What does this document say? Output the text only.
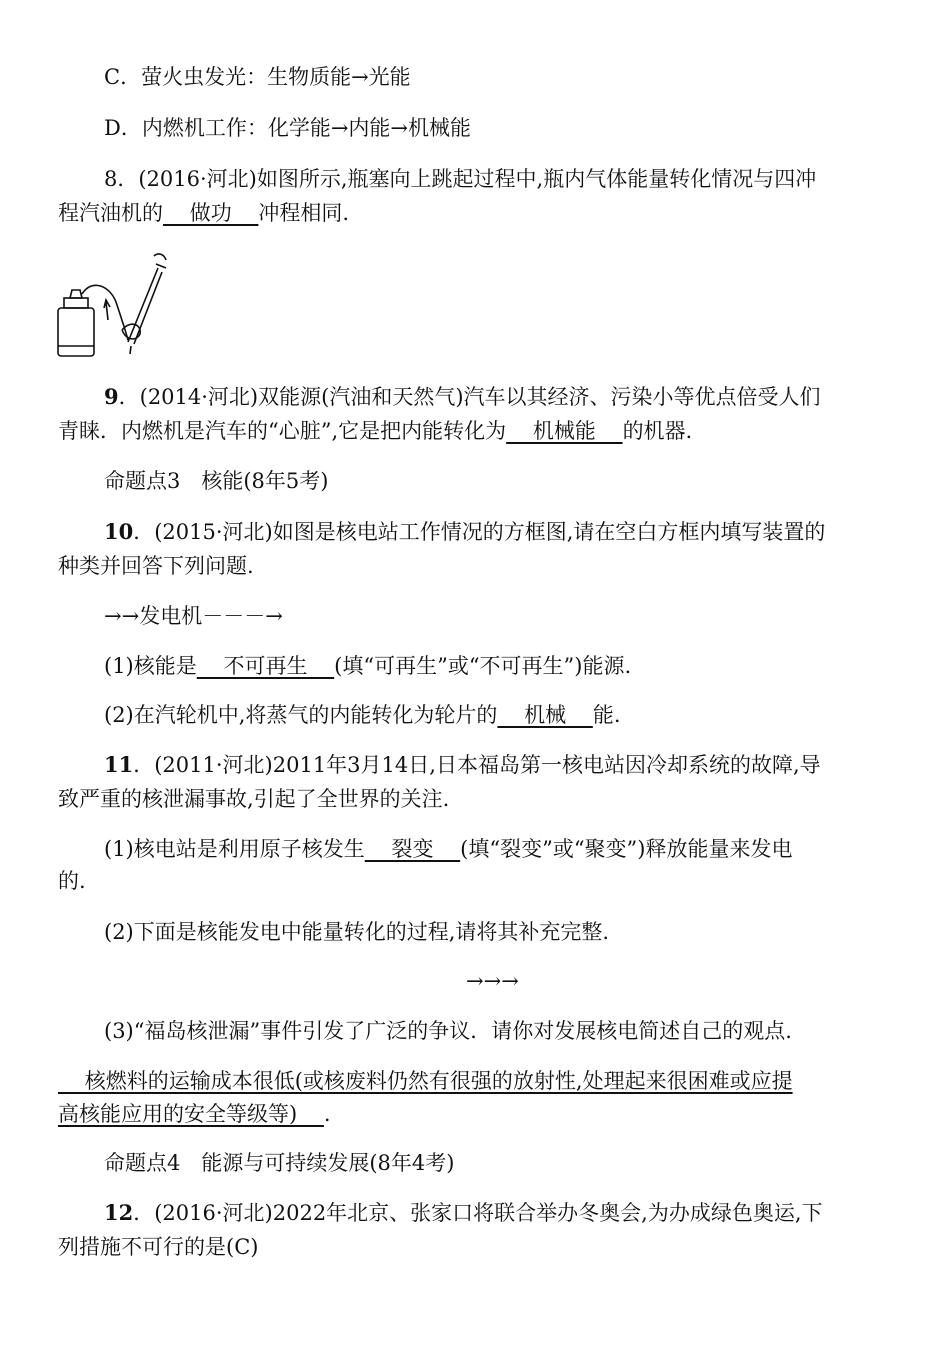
C．萤火虫发光：生物质能→光能
D．内燃机工作：化学能→内能→机械能
8．(2016·河北)如图所示,瓶塞向上跳起过程中,瓶内气体能量转化情况与四冲
程汽油机的    做功    冲程相同.
9．(2014·河北)双能源(汽油和天然气)汽车以其经济、污染小等优点倍受人们
青睐．内燃机是汽车的“心脏”,它是把内能转化为    机械能    的机器.
命题点3　核能(8年5考)
10．(2015·河北)如图是核电站工作情况的方框图,请在空白方框内填写装置的
种类并回答下列问题.
→→发电机－－－→
(1)核能是    不可再生    (填“可再生”或“不可再生”)能源.
(2)在汽轮机中,将蒸气的内能转化为轮片的    机械    能.
11．(2011·河北)2011年3月14日,日本福岛第一核电站因冷却系统的故障,导
致严重的核泄漏事故,引起了全世界的关注.
(1)核电站是利用原子核发生    裂变    (填“裂变”或“聚变”)释放能量来发电
的.
(2)下面是核能发电中能量转化的过程,请将其补充完整.
→→→
(3)“福岛核泄漏”事件引发了广泛的争议．请你对发展核电简述自己的观点.
核燃料的运输成本很低(或核废料仍然有很强的放射性,处理起来很困难或应提
高核能应用的安全等级等)    .
命题点4　能源与可持续发展(8年4考)
12．(2016·河北)2022年北京、张家口将联合举办冬奥会,为办成绿色奥运,下
列措施不可行的是(C)
